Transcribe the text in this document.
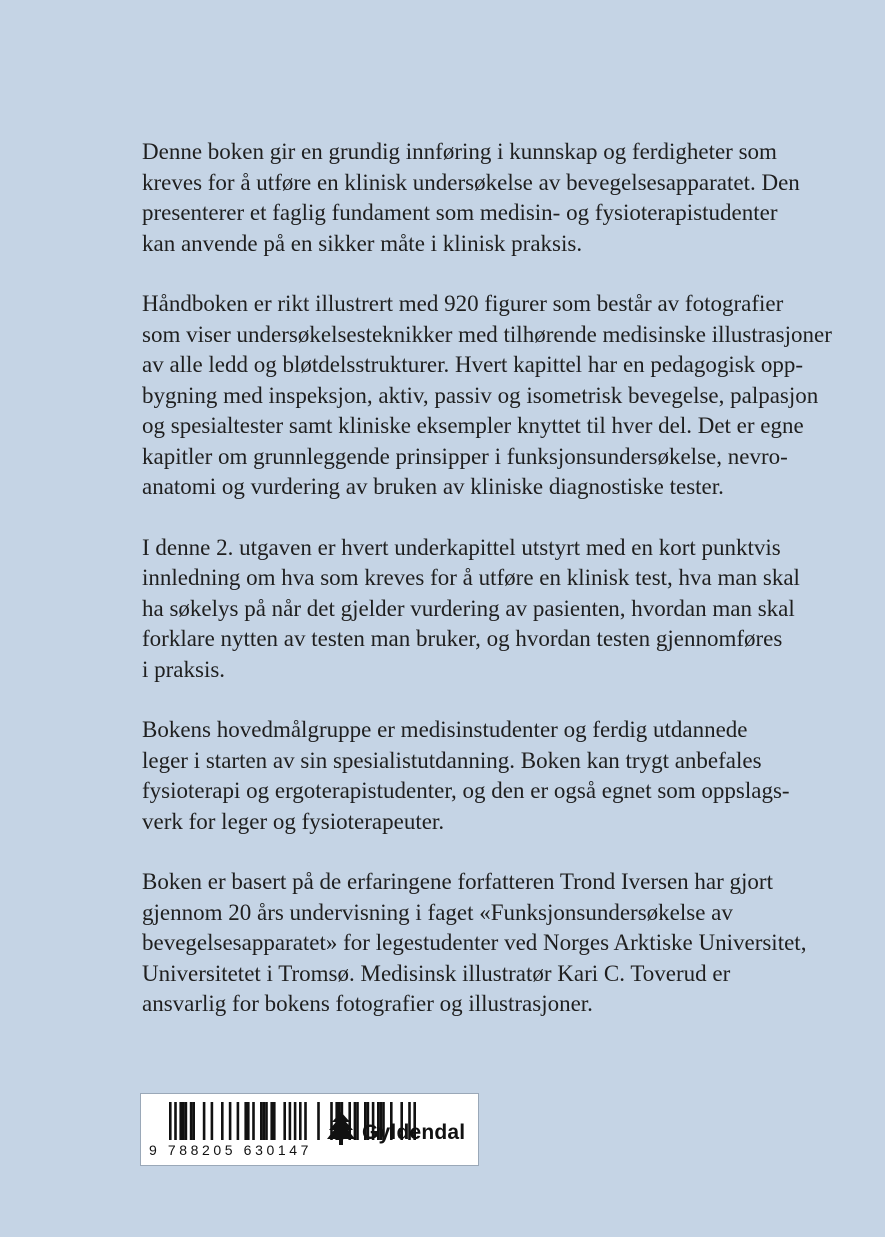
Denne boken gir en grundig innføring i kunnskap og ferdigheter som
kreves for å utføre en klinisk undersøkelse av bevegelsesapparatet. Den
presenterer et faglig fundament som medisin- og fysioterapistudenter
kan anvende på en sikker måte i klinisk praksis.

Håndboken er rikt illustrert med 920 figurer som består av fotografier
som viser undersøkelsesteknikker med tilhørende medisinske illustrasjoner
av alle ledd og bløtdelsstrukturer. Hvert kapittel har en pedagogisk opp-
bygning med inspeksjon, aktiv, passiv og isometrisk bevegelse, palpasjon
og spesialtester samt kliniske eksempler knyttet til hver del. Det er egne
kapitler om grunnleggende prinsipper i funksjonsundersøkelse, nevro-
anatomi og vurdering av bruken av kliniske diagnostiske tester.

I denne 2. utgaven er hvert underkapittel utstyrt med en kort punktvis
innledning om hva som kreves for å utføre en klinisk test, hva man skal
ha søkelys på når det gjelder vurdering av pasienten, hvordan man skal
forklare nytten av testen man bruker, og hvordan testen gjennomføres
i praksis.

Bokens hovedmålgruppe er medisinstudenter og ferdig utdannede
leger i starten av sin spesialistutdanning. Boken kan trygt anbefales
fysioterapi og ergoterapistudenter, og den er også egnet som oppslags-
verk for leger og fysioterapeuter.

Boken er basert på de erfaringene forfatteren Trond Iversen har gjort
gjennom 20 års undervisning i faget «Funksjonsundersøkelse av
bevegelsesapparatet» for legestudenter ved Norges Arktiske Universitet,
Universitetet i Tromsø. Medisinsk illustratør Kari C. Toverud er
ansvarlig for bokens fotografier og illustrasjoner.

9 788205 630147
Gyldendal
